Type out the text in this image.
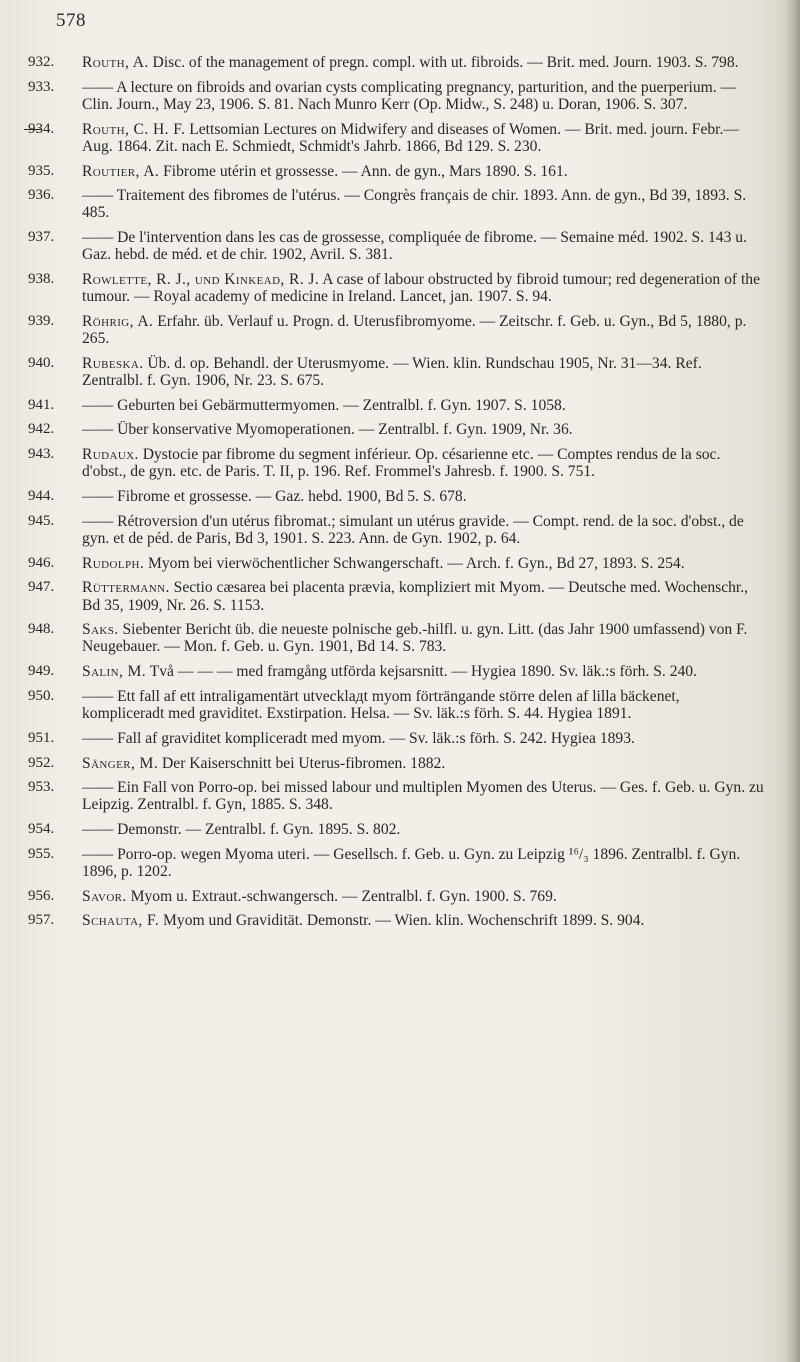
578
932.	Routh, A. Disc. of the management of pregn. compl. with ut. fibroids. — Brit. med. Journ. 1903. S. 798.
933.	—— A lecture on fibroids and ovarian cysts complicating pregnancy, parturition, and the puerperium. — Clin. Journ., May 23, 1906. S. 81. Nach Munro Kerr (Op. Midw., S. 248) u. Doran, 1906. S. 307.
934.	Routh, C. H. F. Lettsomian Lectures on Midwifery and diseases of Women. — Brit. med. journ. Febr.—Aug. 1864. Zit. nach E. Schmiedt, Schmidt's Jahrb. 1866, Bd 129. S. 230.
935.	Routier, A. Fibrome utérin et grossesse. — Ann. de gyn., Mars 1890. S. 161.
936.	—— Traitement des fibromes de l'utérus. — Congrès français de chir. 1893. Ann. de gyn., Bd 39, 1893. S. 485.
937.	—— De l'intervention dans les cas de grossesse, compliquée de fibrome. — Semaine méd. 1902. S. 143 u. Gaz. hebd. de méd. et de chir. 1902, Avril. S. 381.
938.	Rowlette, R. J., und Kinkead, R. J. A case of labour obstructed by fibroid tumour; red degeneration of the tumour. — Royal academy of medicine in Ireland. Lancet, jan. 1907. S. 94.
939.	Röhrig, A. Erfahr. üb. Verlauf u. Progn. d. Uterusfibromyome. — Zeitschr. f. Geb. u. Gyn., Bd 5, 1880, p. 265.
940.	Rubeska. Üb. d. op. Behandl. der Uterusmyome. — Wien. klin. Rundschau 1905, Nr. 31—34. Ref. Zentralbl. f. Gyn. 1906, Nr. 23. S. 675.
941.	—— Geburten bei Gebärmuttermyomen. — Zentralbl. f. Gyn. 1907. S. 1058.
942.	—— Über konservative Myomoperationen. — Zentralbl. f. Gyn. 1909, Nr. 36.
943.	Rudaux. Dystocie par fibrome du segment inférieur. Op. césarienne etc. — Comptes rendus de la soc. d'obst., de gyn. etc. de Paris. T. II, p. 196. Ref. Frommel's Jahresb. f. 1900. S. 751.
944.	—— Fibrome et grossesse. — Gaz. hebd. 1900, Bd 5. S. 678.
945.	—— Rétroversion d'un utérus fibromat.; simulant un utérus gravide. — Compt. rend. de la soc. d'obst., de gyn. et de péd. de Paris, Bd 3, 1901. S. 223. Ann. de Gyn. 1902, p. 64.
946.	Rudolph. Myom bei vierwöchentlicher Schwangerschaft. — Arch. f. Gyn., Bd 27, 1893. S. 254.
947.	Rüttermann. Sectio cæsarea bei placenta prævia, kompliziert mit Myom. — Deutsche med. Wochenschr., Bd 35, 1909, Nr. 26. S. 1153.
948.	Saks. Siebenter Bericht üb. die neueste polnische geb.-hilfl. u. gyn. Litt. (das Jahr 1900 umfassend) von F. Neugebauer. — Mon. f. Geb. u. Gyn. 1901, Bd 14. S. 783.
949.	Salin, M. Två — — — med framgång utförda kejsarsnitt. — Hygiea 1890. Sv. läk.:s förh. S. 240.
950.	—— Ett fall af ett intraligamentärt utvecklадt myom förträngande större delen af lilla bäckenet, kompliceradt med graviditet. Exstirpation. Helsa. — Sv. läk.:s förh. S. 44. Hygiea 1891.
951.	—— Fall af graviditet kompliceradt med myom. — Sv. läk.:s förh. S. 242. Hygiea 1893.
952.	Sänger, M. Der Kaiserschnitt bei Uterus-fibromen. 1882.
953.	—— Ein Fall von Porro-op. bei missed labour und multiplen Myomen des Uterus. — Ges. f. Geb. u. Gyn. zu Leipzig. Zentralbl. f. Gyn, 1885. S. 348.
954.	—— Demonstr. — Zentralbl. f. Gyn. 1895. S. 802.
955.	—— Porro-op. wegen Myoma uteri. — Gesellsch. f. Geb. u. Gyn. zu Leipzig ¹⁶/₃ 1896. Zentralbl. f. Gyn. 1896, p. 1202.
956.	Savor. Myom u. Extraut.-schwangersch. — Zentralbl. f. Gyn. 1900. S. 769.
957.	Schauta, F. Myom und Gravidität. Demonstr. — Wien. klin. Wochenschrift 1899. S. 904.
